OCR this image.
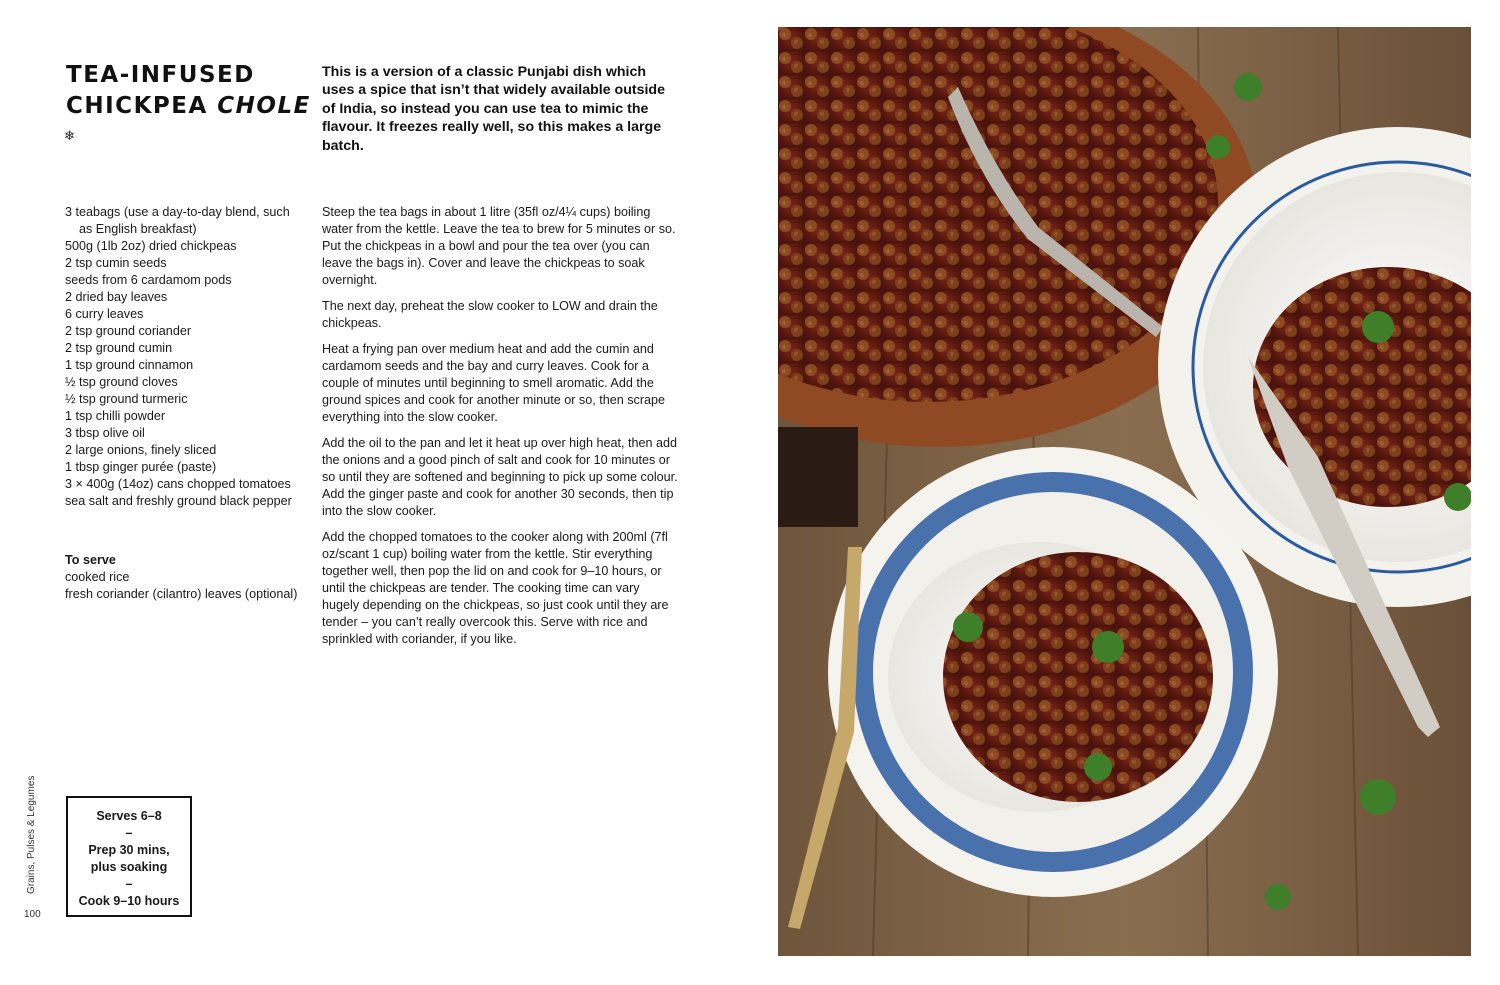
TEA-INFUSED
CHICKPEA CHOLE
❄
This is a version of a classic Punjabi dish which uses a spice that isn’t that widely available outside of India, so instead you can use tea to mimic the flavour. It freezes really well, so this makes a large batch.
3 teabags (use a day-to-day blend, such as English breakfast)
500g (1lb 2oz) dried chickpeas
2 tsp cumin seeds
seeds from 6 cardamom pods
2 dried bay leaves
6 curry leaves
2 tsp ground coriander
2 tsp ground cumin
1 tsp ground cinnamon
½ tsp ground cloves
½ tsp ground turmeric
1 tsp chilli powder
3 tbsp olive oil
2 large onions, finely sliced
1 tbsp ginger purée (paste)
3 × 400g (14oz) cans chopped tomatoes
sea salt and freshly ground black pepper
To serve
cooked rice
fresh coriander (cilantro) leaves (optional)

Steep the tea bags in about 1 litre (35fl oz/4¼ cups) boiling water from the kettle. Leave the tea to brew for 5 minutes or so. Put the chickpeas in a bowl and pour the tea over (you can leave the bags in). Cover and leave the chickpeas to soak overnight.

The next day, preheat the slow cooker to LOW and drain the chickpeas.

Heat a frying pan over medium heat and add the cumin and cardamom seeds and the bay and curry leaves. Cook for a couple of minutes until beginning to smell aromatic. Add the ground spices and cook for another minute or so, then scrape everything into the slow cooker.

Add the oil to the pan and let it heat up over high heat, then add the onions and a good pinch of salt and cook for 10 minutes or so until they are softened and beginning to pick up some colour. Add the ginger paste and cook for another 30 seconds, then tip into the slow cooker.

Add the chopped tomatoes to the cooker along with 200ml (7fl oz/scant 1 cup) boiling water from the kettle. Stir everything together well, then pop the lid on and cook for 9–10 hours, or until the chickpeas are tender. The cooking time can vary hugely depending on the chickpeas, so just cook until they are tender – you can’t really overcook this. Serve with rice and sprinkled with coriander, if you like.

Grains, Pulses & Legumes
100
Serves 6–8
–
Prep 30 mins,
plus soaking
–
Cook 9–10 hours
